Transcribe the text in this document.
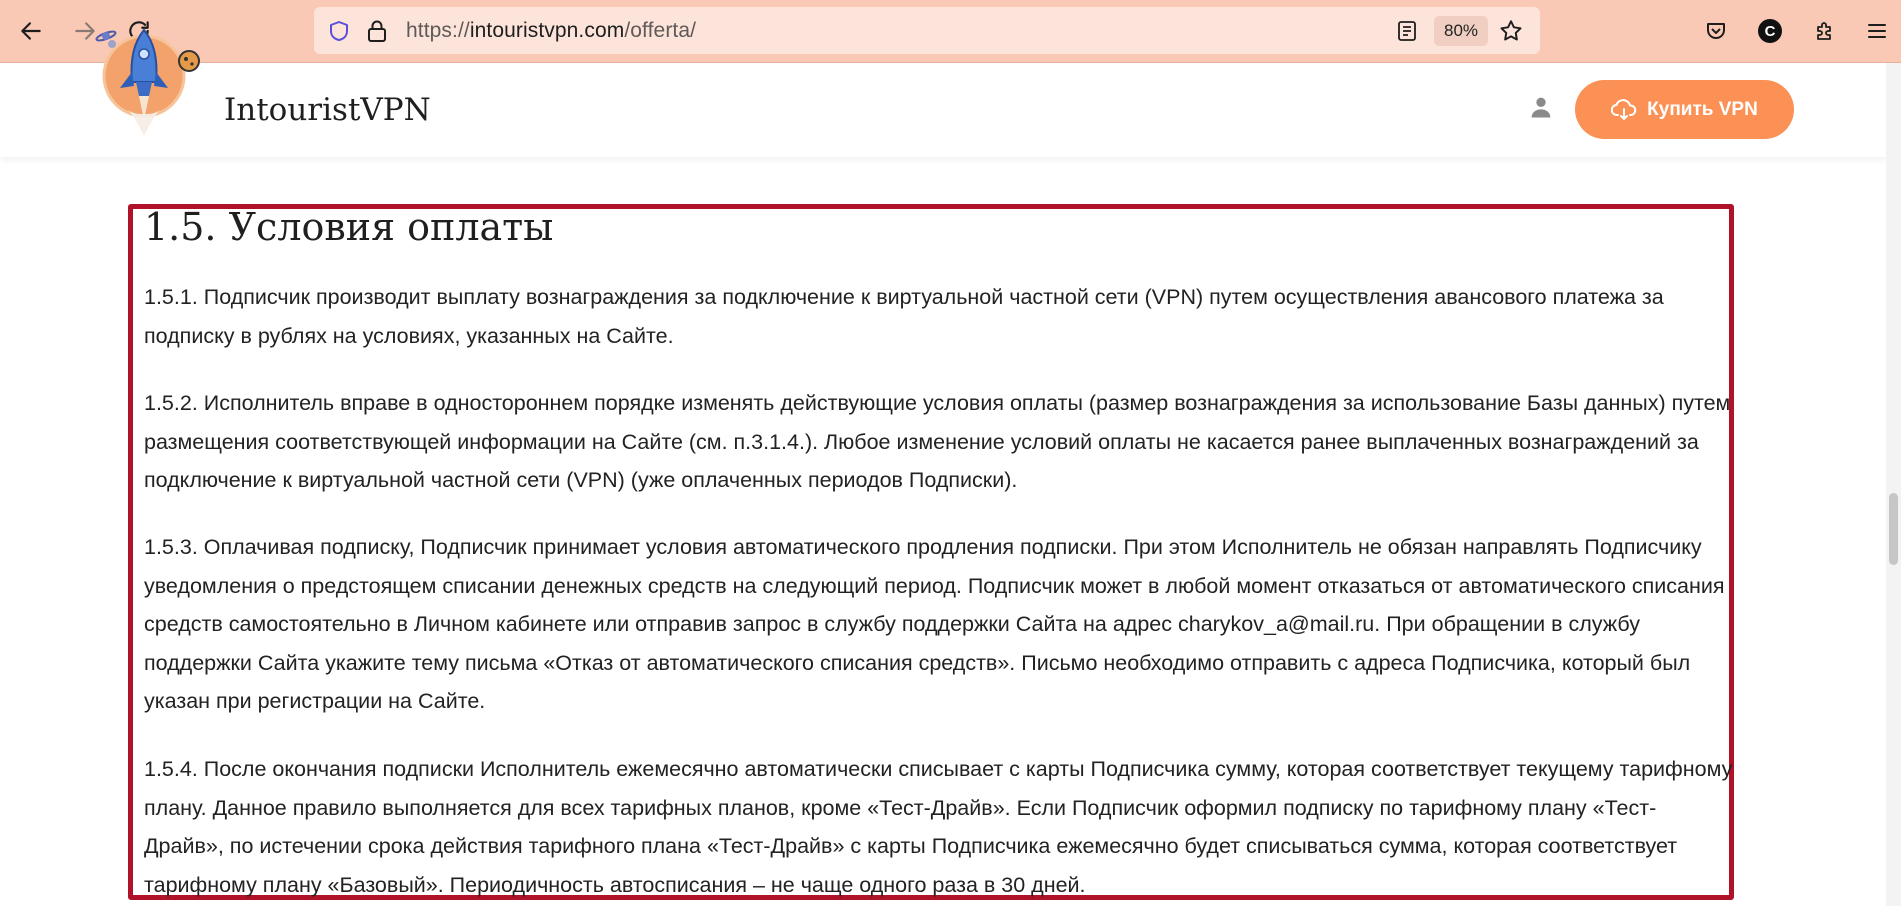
https://intouristvpn.com/offerta/	80%	C
IntouristVPN	Купить VPN
1.5. Условия оплаты

1.5.1. Подписчик производит выплату вознаграждения за подключение к виртуальной частной сети (VPN) путем осуществления авансового платежа за подписку в рублях на условиях, указанных на Сайте.

1.5.2. Исполнитель вправе в одностороннем порядке изменять действующие условия оплаты (размер вознаграждения за использование Базы данных) путем размещения соответствующей информации на Сайте (см. п.3.1.4.). Любое изменение условий оплаты не касается ранее выплаченных вознаграждений за подключение к виртуальной частной сети (VPN) (уже оплаченных периодов Подписки).

1.5.3. Оплачивая подписку, Подписчик принимает условия автоматического продления подписки. При этом Исполнитель не обязан направлять Подписчику уведомления о предстоящем списании денежных средств на следующий период. Подписчик может в любой момент отказаться от автоматического списания средств самостоятельно в Личном кабинете или отправив запрос в службу поддержки Сайта на адрес charykov_a@mail.ru. При обращении в службу поддержки Сайта укажите тему письма «Отказ от автоматического списания средств». Письмо необходимо отправить с адреса Подписчика, который был указан при регистрации на Сайте.

1.5.4. После окончания подписки Исполнитель ежемесячно автоматически списывает с карты Подписчика сумму, которая соответствует текущему тарифному плану. Данное правило выполняется для всех тарифных планов, кроме «Тест-Драйв». Если Подписчик оформил подписку по тарифному плану «Тест-Драйв», по истечении срока действия тарифного плана «Тест-Драйв» с карты Подписчика ежемесячно будет списываться сумма, которая соответствует тарифному плану «Базовый». Периодичность автосписания – не чаще одного раза в 30 дней.
